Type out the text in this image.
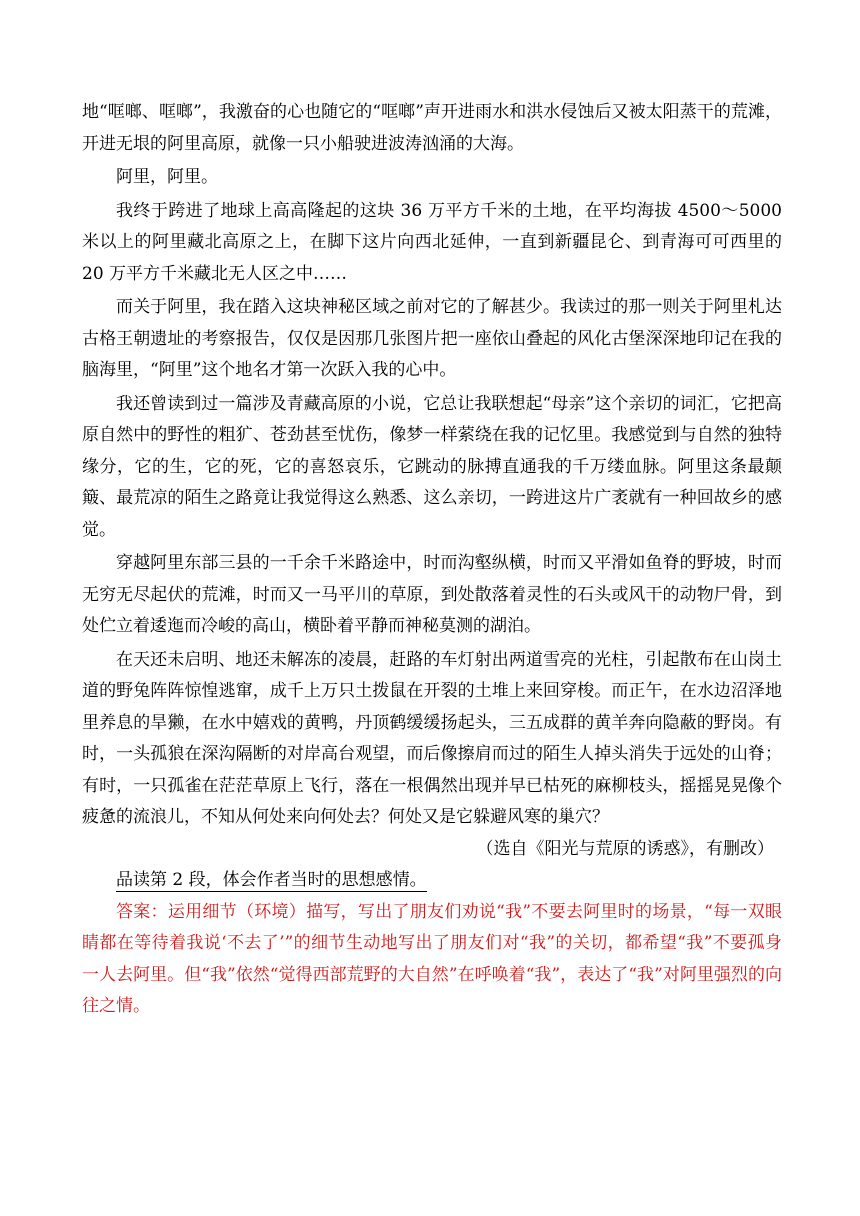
地“哐啷、哐啷”，我激奋的心也随它的“哐啷”声开进雨水和洪水侵蚀后又被太阳蒸干的荒滩，开进无垠的阿里高原，就像一只小船驶进波涛汹涌的大海。

阿里，阿里。

我终于跨进了地球上高高隆起的这块 36 万平方千米的土地，在平均海拔 4500～5000 米以上的阿里藏北高原之上，在脚下这片向西北延伸，一直到新疆昆仑、到青海可可西里的 20 万平方千米藏北无人区之中……

而关于阿里，我在踏入这块神秘区域之前对它的了解甚少。我读过的那一则关于阿里札达古格王朝遗址的考察报告，仅仅是因那几张图片把一座依山叠起的风化古堡深深地印记在我的脑海里，“阿里”这个地名才第一次跃入我的心中。

我还曾读到过一篇涉及青藏高原的小说，它总让我联想起“母亲”这个亲切的词汇，它把高原自然中的野性的粗犷、苍劲甚至忧伤，像梦一样萦绕在我的记忆里。我感觉到与自然的独特缘分，它的生，它的死，它的喜怒哀乐，它跳动的脉搏直通我的千万缕血脉。阿里这条最颠簸、最荒凉的陌生之路竟让我觉得这么熟悉、这么亲切，一跨进这片广袤就有一种回故乡的感觉。

穿越阿里东部三县的一千余千米路途中，时而沟壑纵横，时而又平滑如鱼脊的野坡，时而无穷无尽起伏的荒滩，时而又一马平川的草原，到处散落着灵性的石头或风干的动物尸骨，到处伫立着逶迤而冷峻的高山，横卧着平静而神秘莫测的湖泊。

在天还未启明、地还未解冻的凌晨，赶路的车灯射出两道雪亮的光柱，引起散布在山岗土道的野兔阵阵惊惶逃窜，成千上万只土拨鼠在开裂的土堆上来回穿梭。而正午，在水边沼泽地里养息的旱獭，在水中嬉戏的黄鸭，丹顶鹤缓缓扬起头，三五成群的黄羊奔向隐蔽的野岗。有时，一头孤狼在深沟隔断的对岸高台观望，而后像擦肩而过的陌生人掉头消失于远处的山脊；有时，一只孤雀在茫茫草原上飞行，落在一根偶然出现并早已枯死的麻柳枝头，摇摇晃晃像个疲惫的流浪儿，不知从何处来向何处去？何处又是它躲避风寒的巢穴？

（选自《阳光与荒原的诱惑》，有删改）

品读第 2 段，体会作者当时的思想感情。

答案：运用细节（环境）描写，写出了朋友们劝说“我”不要去阿里时的场景，“每一双眼睛都在等待着我说‘不去了’”的细节生动地写出了朋友们对“我”的关切，都希望“我”不要孤身一人去阿里。但“我”依然“觉得西部荒野的大自然”在呼唤着“我”，表达了“我”对阿里强烈的向往之情。
